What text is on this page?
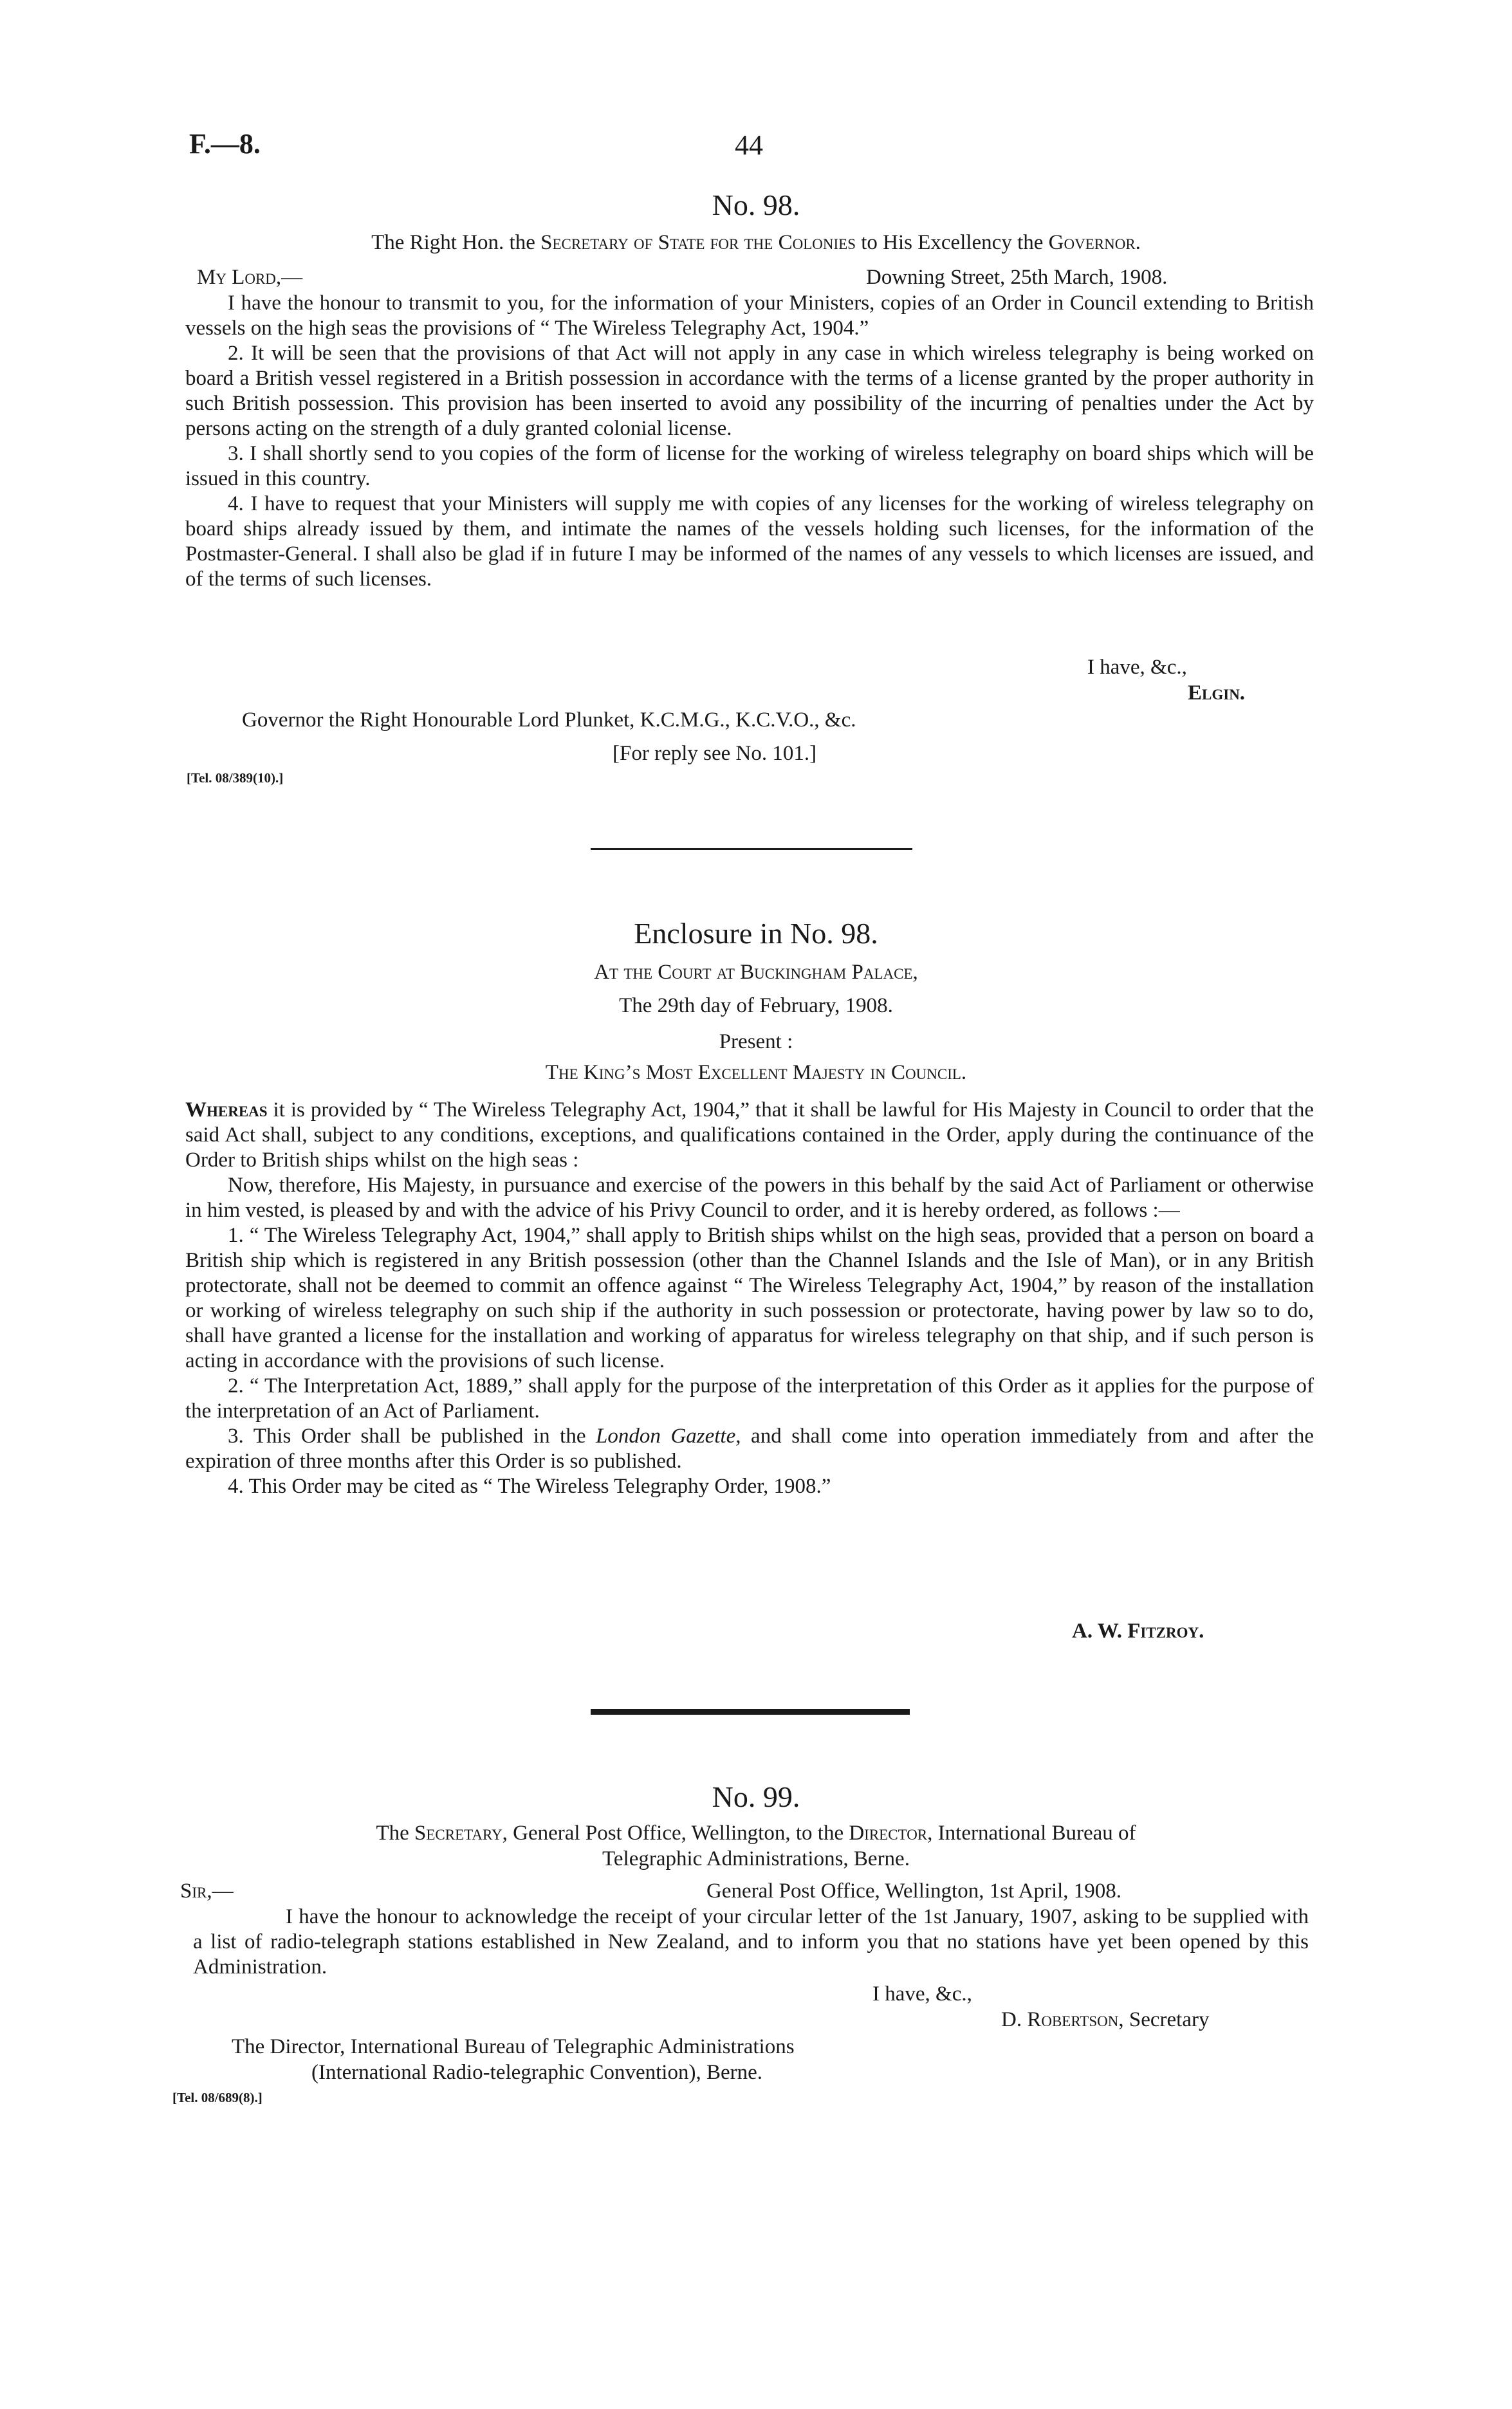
F.—8.	44
No. 98.
The Right Hon. the Secretary of State for the Colonies to His Excellency the Governor.
My Lord,—	Downing Street, 25th March, 1908.
I have the honour to transmit to you, for the information of your Ministers, copies of an Order in Council extending to British vessels on the high seas the provisions of “ The Wireless Telegraphy Act, 1904.”
2. It will be seen that the provisions of that Act will not apply in any case in which wireless telegraphy is being worked on board a British vessel registered in a British possession in accordance with the terms of a license granted by the proper authority in such British possession. This provision has been inserted to avoid any possibility of the incurring of penalties under the Act by persons acting on the strength of a duly granted colonial license.
3. I shall shortly send to you copies of the form of license for the working of wireless telegraphy on board ships which will be issued in this country.
4. I have to request that your Ministers will supply me with copies of any licenses for the working of wireless telegraphy on board ships already issued by them, and intimate the names of the vessels holding such licenses, for the information of the Postmaster-General. I shall also be glad if in future I may be informed of the names of any vessels to which licenses are issued, and of the terms of such licenses.
I have, &c.,
Elgin.
Governor the Right Honourable Lord Plunket, K.C.M.G., K.C.V.O., &c.
[For reply see No. 101.]
[Tel. 08/389(10).]
Enclosure in No. 98.
At the Court at Buckingham Palace,
The 29th day of February, 1908.
Present :
The King’s Most Excellent Majesty in Council.
Whereas it is provided by “ The Wireless Telegraphy Act, 1904,” that it shall be lawful for His Majesty in Council to order that the said Act shall, subject to any conditions, exceptions, and qualifications contained in the Order, apply during the continuance of the Order to British ships whilst on the high seas :
Now, therefore, His Majesty, in pursuance and exercise of the powers in this behalf by the said Act of Parliament or otherwise in him vested, is pleased by and with the advice of his Privy Council to order, and it is hereby ordered, as follows :—
1. “ The Wireless Telegraphy Act, 1904,” shall apply to British ships whilst on the high seas, provided that a person on board a British ship which is registered in any British possession (other than the Channel Islands and the Isle of Man), or in any British protectorate, shall not be deemed to commit an offence against “ The Wireless Telegraphy Act, 1904,” by reason of the installation or working of wireless telegraphy on such ship if the authority in such possession or protectorate, having power by law so to do, shall have granted a license for the installation and working of apparatus for wireless telegraphy on that ship, and if such person is acting in accordance with the provisions of such license.
2. “ The Interpretation Act, 1889,” shall apply for the purpose of the interpretation of this Order as it applies for the purpose of the interpretation of an Act of Parliament.
3. This Order shall be published in the London Gazette, and shall come into operation immediately from and after the expiration of three months after this Order is so published.
4. This Order may be cited as “ The Wireless Telegraphy Order, 1908.”
A. W. Fitzroy.
No. 99.
The Secretary, General Post Office, Wellington, to the Director, International Bureau of
Telegraphic Administrations, Berne.
Sir,—	General Post Office, Wellington, 1st April, 1908.
I have the honour to acknowledge the receipt of your circular letter of the 1st January, 1907, asking to be supplied with a list of radio-telegraph stations established in New Zealand, and to inform you that no stations have yet been opened by this Administration.
I have, &c.,
D. Robertson, Secretary
The Director, International Bureau of Telegraphic Administrations
(International Radio-telegraphic Convention), Berne.
[Tel. 08/689(8).]
